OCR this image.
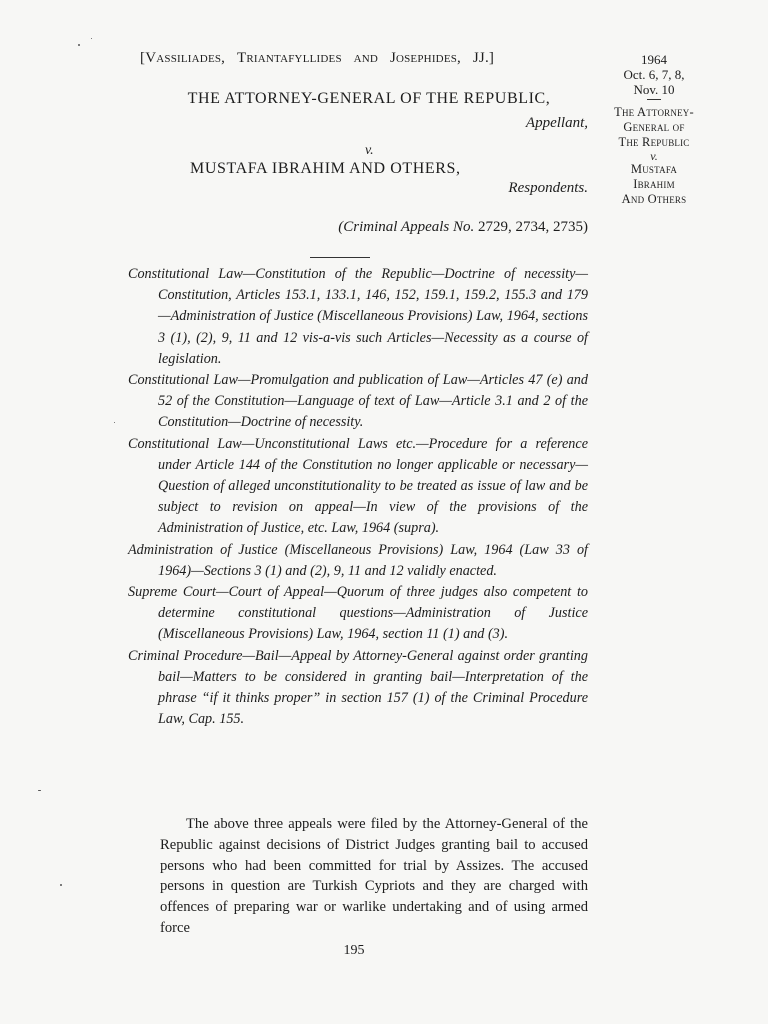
[Vassiliades, Triantafyllides and Josephides, JJ.]
THE ATTORNEY-GENERAL OF THE REPUBLIC,
Appellant,
v.
MUSTAFA IBRAHIM AND OTHERS,
Respondents.
(Criminal Appeals No. 2729, 2734, 2735)
1964
Oct. 6, 7, 8,
Nov. 10
The Attorney-
General of
The Republic
v.
Mustafa
Ibrahim
And Others

Constitutional Law—Constitution of the Republic—Doctrine of necessity—Constitution, Articles 153.1, 133.1, 146, 152, 159.1, 159.2, 155.3 and 179—Administration of Justice (Miscellaneous Provisions) Law, 1964, sections 3 (1), (2), 9, 11 and 12 vis-a-vis such Articles—Necessity as a course of legislation.

Constitutional Law—Promulgation and publication of Law—Articles 47 (e) and 52 of the Constitution—Language of text of Law—Article 3.1 and 2 of the Constitution—Doctrine of necessity.

Constitutional Law—Unconstitutional Laws etc.—Procedure for a reference under Article 144 of the Constitution no longer applicable or necessary—Question of alleged unconstitutionality to be treated as issue of law and be subject to revision on appeal—In view of the provisions of the Administration of Justice, etc. Law, 1964 (supra).

Administration of Justice (Miscellaneous Provisions) Law, 1964 (Law 33 of 1964)—Sections 3 (1) and (2), 9, 11 and 12 validly enacted.

Supreme Court—Court of Appeal—Quorum of three judges also competent to determine constitutional questions—Administration of Justice (Miscellaneous Provisions) Law, 1964, section 11 (1) and (3).

Criminal Procedure—Bail—Appeal by Attorney-General against order granting bail—Matters to be considered in granting bail—Interpretation of the phrase “if it thinks proper” in section 157 (1) of the Criminal Procedure Law, Cap. 155.

The above three appeals were filed by the Attorney-General of the Republic against decisions of District Judges granting bail to accused persons who had been committed for trial by Assizes. The accused persons in question are Turkish Cypriots and they are charged with offences of preparing war or warlike undertaking and of using armed force

195
